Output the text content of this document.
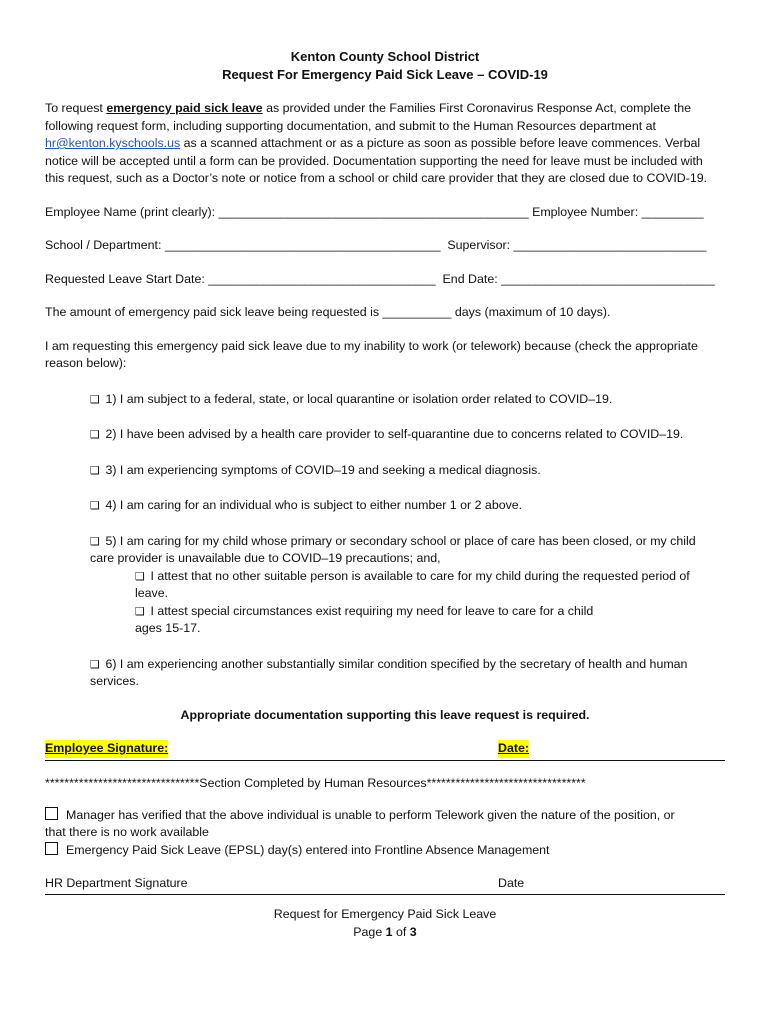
Kenton County School District
Request For Emergency Paid Sick Leave – COVID-19
To request emergency paid sick leave as provided under the Families First Coronavirus Response Act, complete the following request form, including supporting documentation, and submit to the Human Resources department at hr@kenton.kyschools.us as a scanned attachment or as a picture as soon as possible before leave commences. Verbal notice will be accepted until a form can be provided. Documentation supporting the need for leave must be included with this request, such as a Doctor’s note or notice from a school or child care provider that they are closed due to COVID-19.
Employee Name (print clearly): _____________________________________________ Employee Number: _________
School / Department: ________________________________________ Supervisor: ____________________________
Requested Leave Start Date: _________________________________ End Date: _______________________________
The amount of emergency paid sick leave being requested is __________ days (maximum of 10 days).
I am requesting this emergency paid sick leave due to my inability to work (or telework) because (check the appropriate reason below):
❑ 1) I am subject to a federal, state, or local quarantine or isolation order related to COVID–19.
❑ 2) I have been advised by a health care provider to self-quarantine due to concerns related to COVID–19.
❑ 3) I am experiencing symptoms of COVID–19 and seeking a medical diagnosis.
❑ 4) I am caring for an individual who is subject to either number 1 or 2 above.
❑ 5) I am caring for my child whose primary or secondary school or place of care has been closed, or my child
care provider is unavailable due to COVID–19 precautions; and,
❑ I attest that no other suitable person is available to care for my child during the requested period of
leave.
❑ I attest special circumstances exist requiring my need for leave to care for a child
ages 15-17.
❑ 6) I am experiencing another substantially similar condition specified by the secretary of health and human
services.
Appropriate documentation supporting this leave request is required.
Employee Signature:	Date:
********************************Section Completed by Human Resources*********************************
Manager has verified that the above individual is unable to perform Telework given the nature of the position, or
that there is no work available
Emergency Paid Sick Leave (EPSL) day(s) entered into Frontline Absence Management
HR Department Signature	Date
Request for Emergency Paid Sick Leave
Page 1 of 3
